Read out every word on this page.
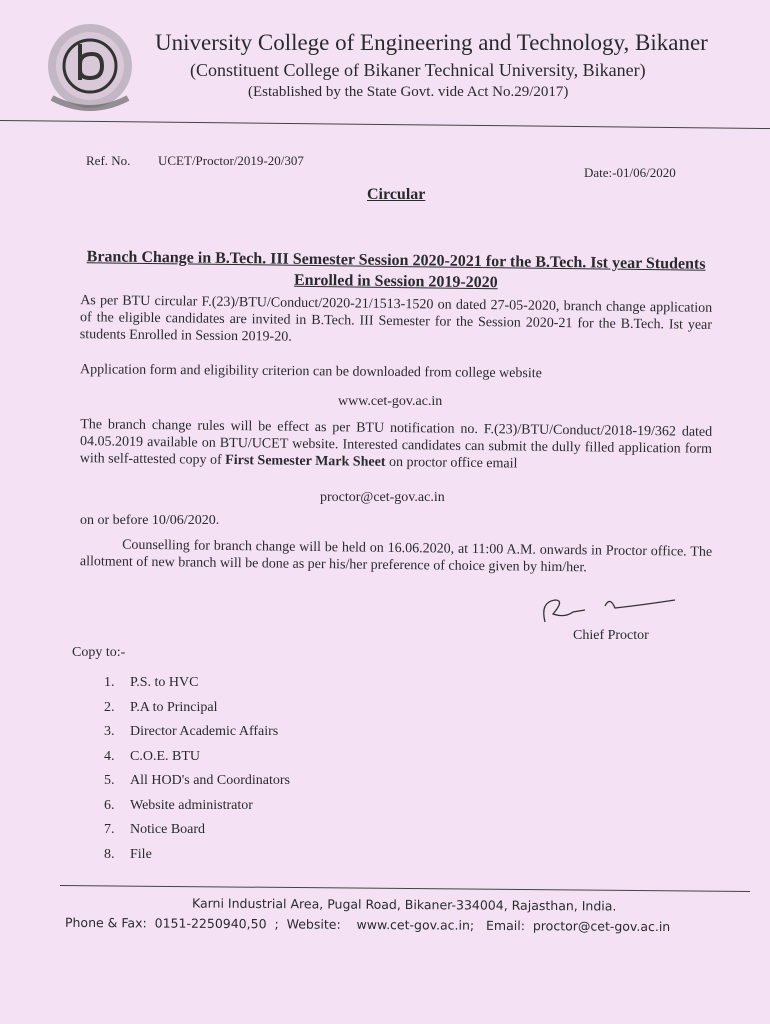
University College of Engineering and Technology, Bikaner
(Constituent College of Bikaner Technical University, Bikaner)
(Established by the State Govt. vide Act No.29/2017)
Ref. No. UCET/Proctor/2019-20/307
Date:-01/06/2020
Circular
Branch Change in B.Tech. III Semester Session 2020-2021 for the B.Tech. Ist year Students Enrolled in Session 2019-2020
As per BTU circular F.(23)/BTU/Conduct/2020-21/1513-1520 on dated 27-05-2020, branch change application of the eligible candidates are invited in B.Tech. III Semester for the Session 2020-21 for the B.Tech. Ist year students Enrolled in Session 2019-20.
Application form and eligibility criterion can be downloaded from college website
www.cet-gov.ac.in
The branch change rules will be effect as per BTU notification no. F.(23)/BTU/Conduct/2018-19/362 dated 04.05.2019 available on BTU/UCET website. Interested candidates can submit the dully filled application form with self-attested copy of First Semester Mark Sheet on proctor office email
proctor@cet-gov.ac.in
on or before 10/06/2020.
Counselling for branch change will be held on 16.06.2020, at 11:00 A.M. onwards in Proctor office. The allotment of new branch will be done as per his/her preference of choice given by him/her.
Chief Proctor
Copy to:-
1. P.S. to HVC
2. P.A to Principal
3. Director Academic Affairs
4. C.O.E. BTU
5. All HOD's and Coordinators
6. Website administrator
7. Notice Board
8. File
Karni Industrial Area, Pugal Road, Bikaner-334004, Rajasthan, India.
Phone & Fax:  0151-2250940,50  ;  Website:    www.cet-gov.ac.in;   Email:  proctor@cet-gov.ac.in
